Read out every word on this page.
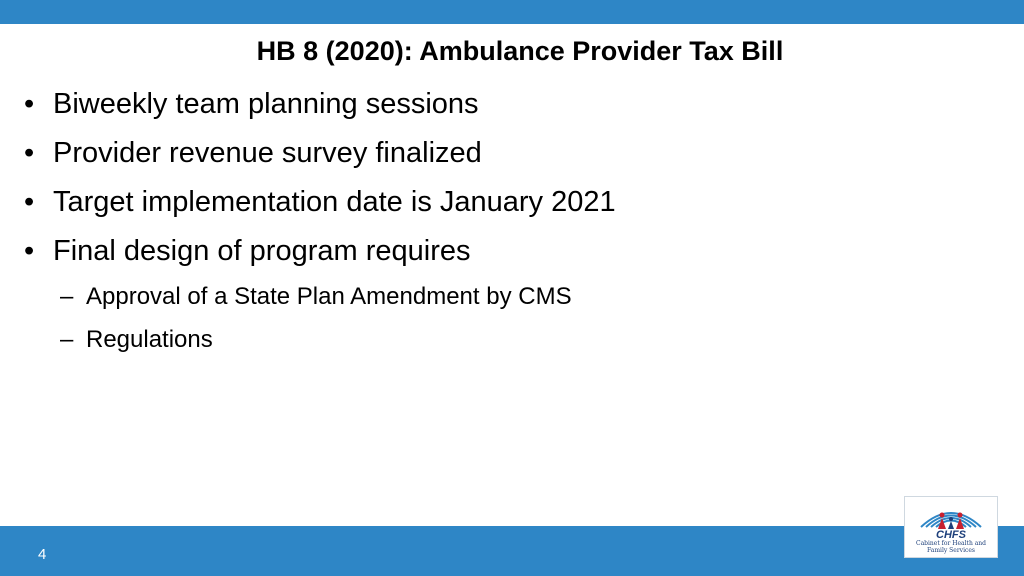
HB 8 (2020): Ambulance Provider Tax Bill
• Biweekly team planning sessions
• Provider revenue survey finalized
• Target implementation date is January 2021
• Final design of program requires
– Approval of a State Plan Amendment by CMS
– Regulations
4
CHFS
Cabinet for Health and
Family Services
